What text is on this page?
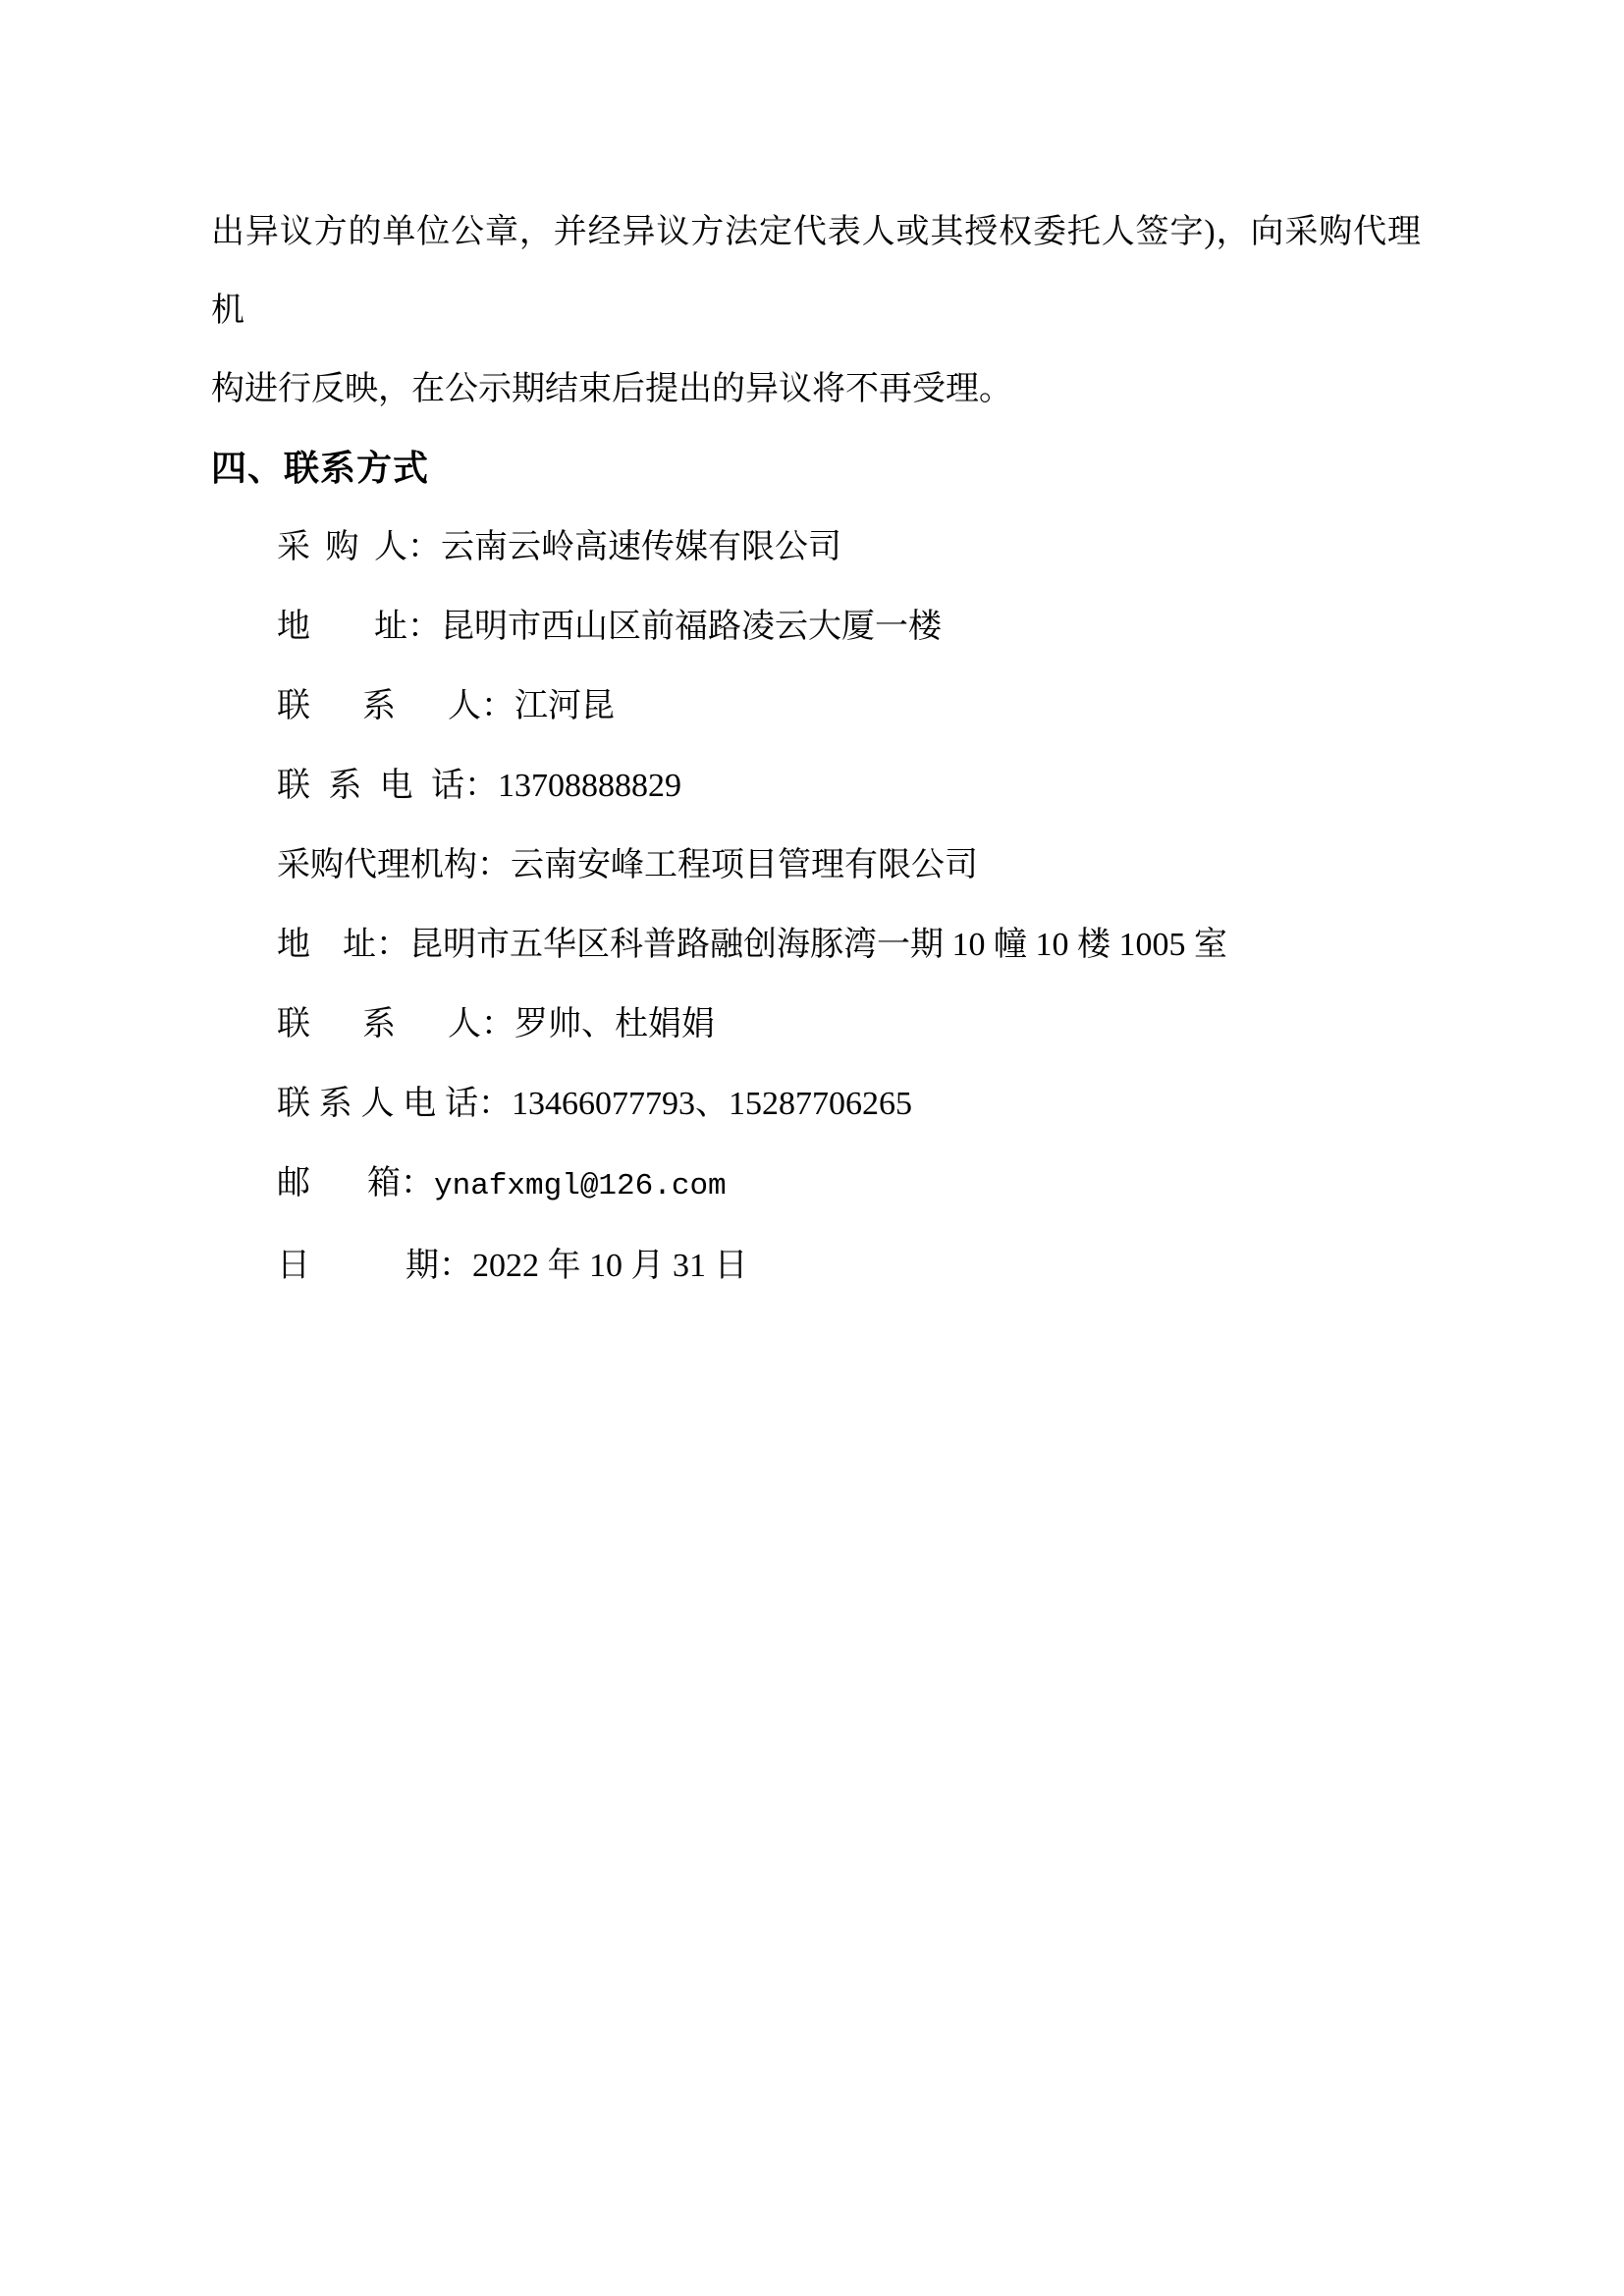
出异议方的单位公章，并经异议方法定代表人或其授权委托人签字)，向采购代理机
构进行反映，在公示期结束后提出的异议将不再受理。
四、联系方式
采购人：云南云岭高速传媒有限公司
地址：昆明市西山区前福路凌云大厦一楼
联系人：江河昆
联系电话：13708888829
采购代理机构：云南安峰工程项目管理有限公司
地址：昆明市五华区科普路融创海豚湾一期 10 幢 10 楼 1005 室
联系人：罗帅、杜娟娟
联系人电话：13466077793、15287706265
邮箱：ynafxmgl@126.com
日期：2022 年 10 月 31 日
